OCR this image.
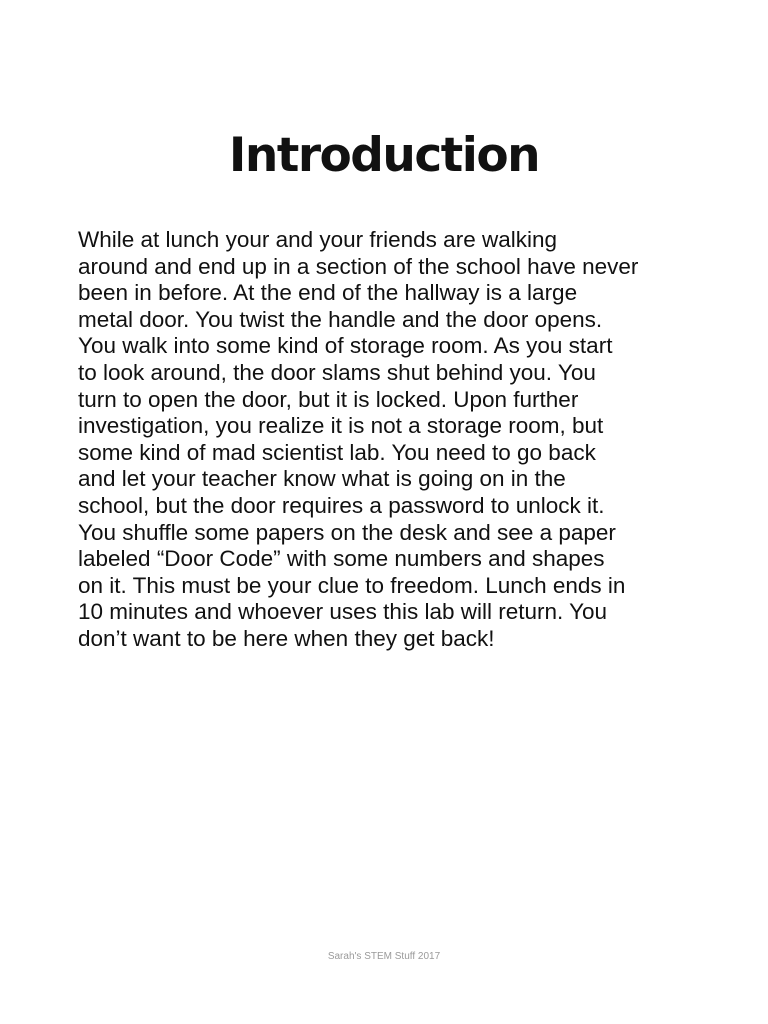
Introduction
While at lunch your and your friends are walking
around and end up in a section of the school have never
been in before. At the end of the hallway is a large
metal door. You twist the handle and the door opens.
You walk into some kind of storage room. As you start
to look around, the door slams shut behind you. You
turn to open the door, but it is locked. Upon further
investigation, you realize it is not a storage room, but
some kind of mad scientist lab. You need to go back
and let your teacher know what is going on in the
school, but the door requires a password to unlock it.
You shuffle some papers on the desk and see a paper
labeled “Door Code” with some numbers and shapes
on it. This must be your clue to freedom. Lunch ends in
10 minutes and whoever uses this lab will return. You
don’t want to be here when they get back!

Sarah's STEM Stuff 2017
